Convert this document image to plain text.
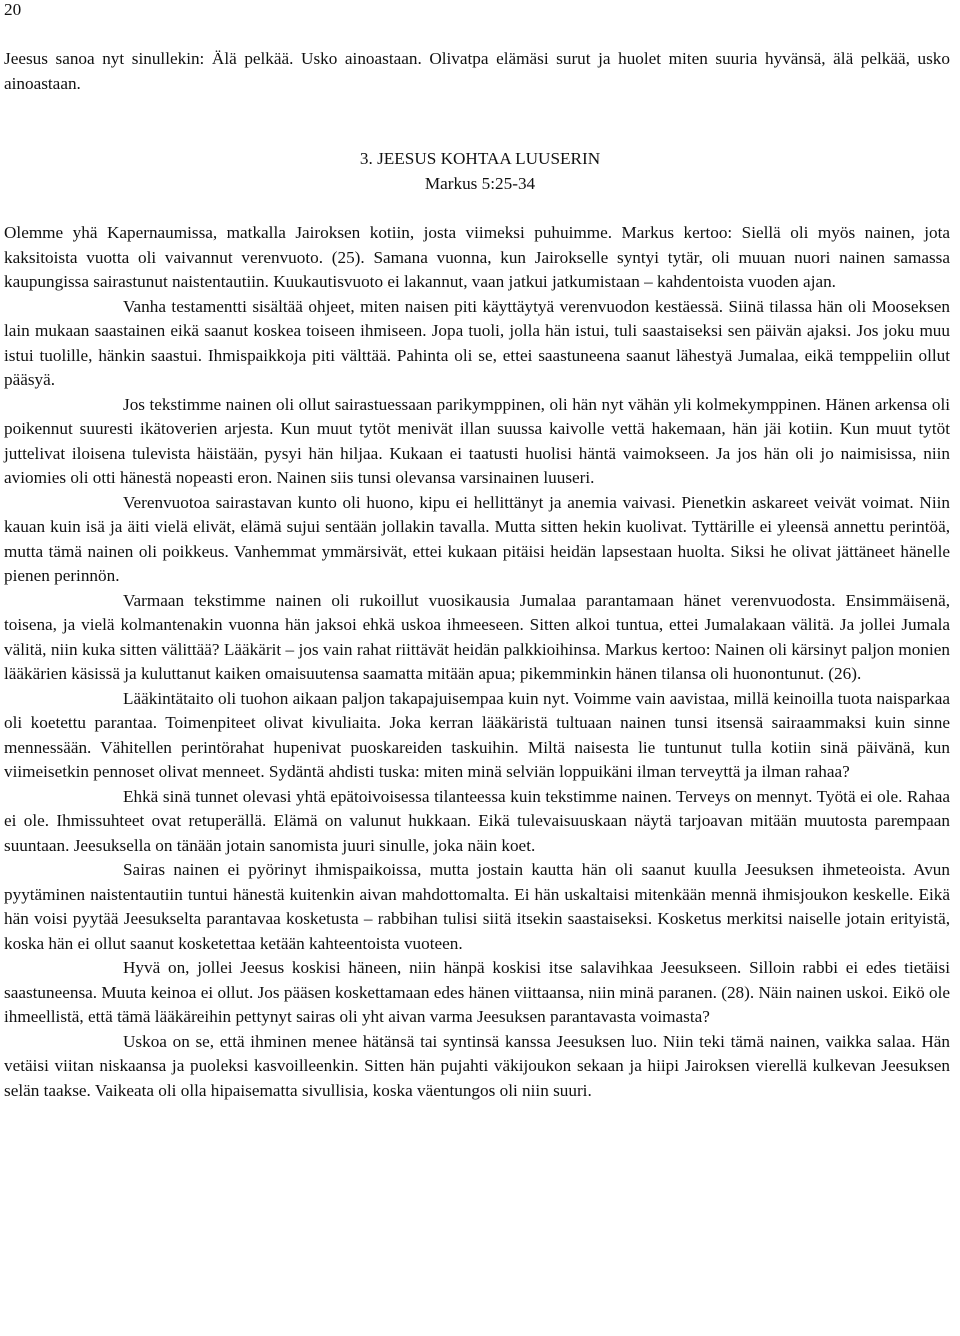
20

Jeesus sanoa nyt sinullekin: Älä pelkää. Usko ainoastaan. Olivatpa elämäsi surut ja huolet miten suuria hyvänsä, älä pelkää, usko ainoastaan.

3. JEESUS KOHTAA LUUSERIN
Markus 5:25-34

Olemme yhä Kapernaumissa, matkalla Jairoksen kotiin, josta viimeksi puhuimme. Markus kertoo: Siellä oli myös nainen, jota kaksitoista vuotta oli vaivannut verenvuoto. (25). Samana vuonna, kun Jairokselle syntyi tytär, oli muuan nuori nainen samassa kaupungissa sairastunut naistentautiin. Kuukautisvuoto ei lakannut, vaan jatkui jatkumistaan – kahdentoista vuoden ajan.

Vanha testamentti sisältää ohjeet, miten naisen piti käyttäytyä verenvuodon kestäessä. Siinä tilassa hän oli Mooseksen lain mukaan saastainen eikä saanut koskea toiseen ihmiseen. Jopa tuoli, jolla hän istui, tuli saastaiseksi sen päivän ajaksi. Jos joku muu istui tuolille, hänkin saastui. Ihmispaikkoja piti välttää. Pahinta oli se, ettei saastuneena saanut lähestyä Jumalaa, eikä temppeliin ollut pääsyä.

Jos tekstimme nainen oli ollut sairastuessaan parikymppinen, oli hän nyt vähän yli kolmekymppinen. Hänen arkensa oli poikennut suuresti ikätoverien arjesta. Kun muut tytöt menivät illan suussa kaivolle vettä hakemaan, hän jäi kotiin. Kun muut tytöt juttelivat iloisena tulevista häistään, pysyi hän hiljaa. Kukaan ei taatusti huolisi häntä vaimokseen. Ja jos hän oli jo naimisissa, niin aviomies oli otti hänestä nopeasti eron. Nainen siis tunsi olevansa varsinainen luuseri.

Verenvuotoa sairastavan kunto oli huono, kipu ei hellittänyt ja anemia vaivasi. Pienetkin askareet veivät voimat. Niin kauan kuin isä ja äiti vielä elivät, elämä sujui sentään jollakin tavalla. Mutta sitten hekin kuolivat. Tyttärille ei yleensä annettu perintöä, mutta tämä nainen oli poikkeus. Vanhemmat ymmärsivät, ettei kukaan pitäisi heidän lapsestaan huolta. Siksi he olivat jättäneet hänelle pienen perinnön.

Varmaan tekstimme nainen oli rukoillut vuosikausia Jumalaa parantamaan hänet verenvuodosta. Ensimmäisenä, toisena, ja vielä kolmantenakin vuonna hän jaksoi ehkä uskoa ihmeeseen. Sitten alkoi tuntua, ettei Jumalakaan välitä. Ja jollei Jumala välitä, niin kuka sitten välittää? Lääkärit – jos vain rahat riittävät heidän palkkioihinsa. Markus kertoo: Nainen oli kärsinyt paljon monien lääkärien käsissä ja kuluttanut kaiken omaisuutensa saamatta mitään apua; pikemminkin hänen tilansa oli huonontunut. (26).

Lääkintätaito oli tuohon aikaan paljon takapajuisempaa kuin nyt. Voimme vain aavistaa, millä keinoilla tuota naisparkaa oli koetettu parantaa. Toimenpiteet olivat kivuliaita. Joka kerran lääkäristä tultuaan nainen tunsi itsensä sairaammaksi kuin sinne mennessään. Vähitellen perintörahat hupenivat puoskareiden taskuihin. Miltä naisesta lie tuntunut tulla kotiin sinä päivänä, kun viimeisetkin pennoset olivat menneet. Sydäntä ahdisti tuska: miten minä selviän loppuikäni ilman terveyttä ja ilman rahaa?

Ehkä sinä tunnet olevasi yhtä epätoivoisessa tilanteessa kuin tekstimme nainen. Terveys on mennyt. Työtä ei ole. Rahaa ei ole. Ihmissuhteet ovat retuperällä. Elämä on valunut hukkaan. Eikä tulevaisuuskaan näytä tarjoavan mitään muutosta parempaan suuntaan. Jeesuksella on tänään jotain sanomista juuri sinulle, joka näin koet.

Sairas nainen ei pyörinyt ihmispaikoissa, mutta jostain kautta hän oli saanut kuulla Jeesuksen ihmeteoista. Avun pyytäminen naistentautiin tuntui hänestä kuitenkin aivan mahdottomalta. Ei hän uskaltaisi mitenkään mennä ihmisjoukon keskelle. Eikä hän voisi pyytää Jeesukselta parantavaa kosketusta – rabbihan tulisi siitä itsekin saastaiseksi. Kosketus merkitsi naiselle jotain erityistä, koska hän ei ollut saanut kosketettaa ketään kahteentoista vuoteen.

Hyvä on, jollei Jeesus koskisi häneen, niin hänpä koskisi itse salavihkaa Jeesukseen. Silloin rabbi ei edes tietäisi saastuneensa. Muuta keinoa ei ollut. Jos pääsen koskettamaan edes hänen viittaansa, niin minä paranen. (28). Näin nainen uskoi. Eikö ole ihmeellistä, että tämä lääkäreihin pettynyt sairas oli yht aivan varma Jeesuksen parantavasta voimasta?

Uskoa on se, että ihminen menee hätänsä tai syntinsä kanssa Jeesuksen luo. Niin teki tämä nainen, vaikka salaa. Hän vetäisi viitan niskaansa ja puoleksi kasvoilleenkin. Sitten hän pujahti väkijoukon sekaan ja hiipi Jairoksen vierellä kulkevan Jeesuksen selän taakse. Vaikeata oli olla hipaisematta sivullisia, koska väentungos oli niin suuri.
